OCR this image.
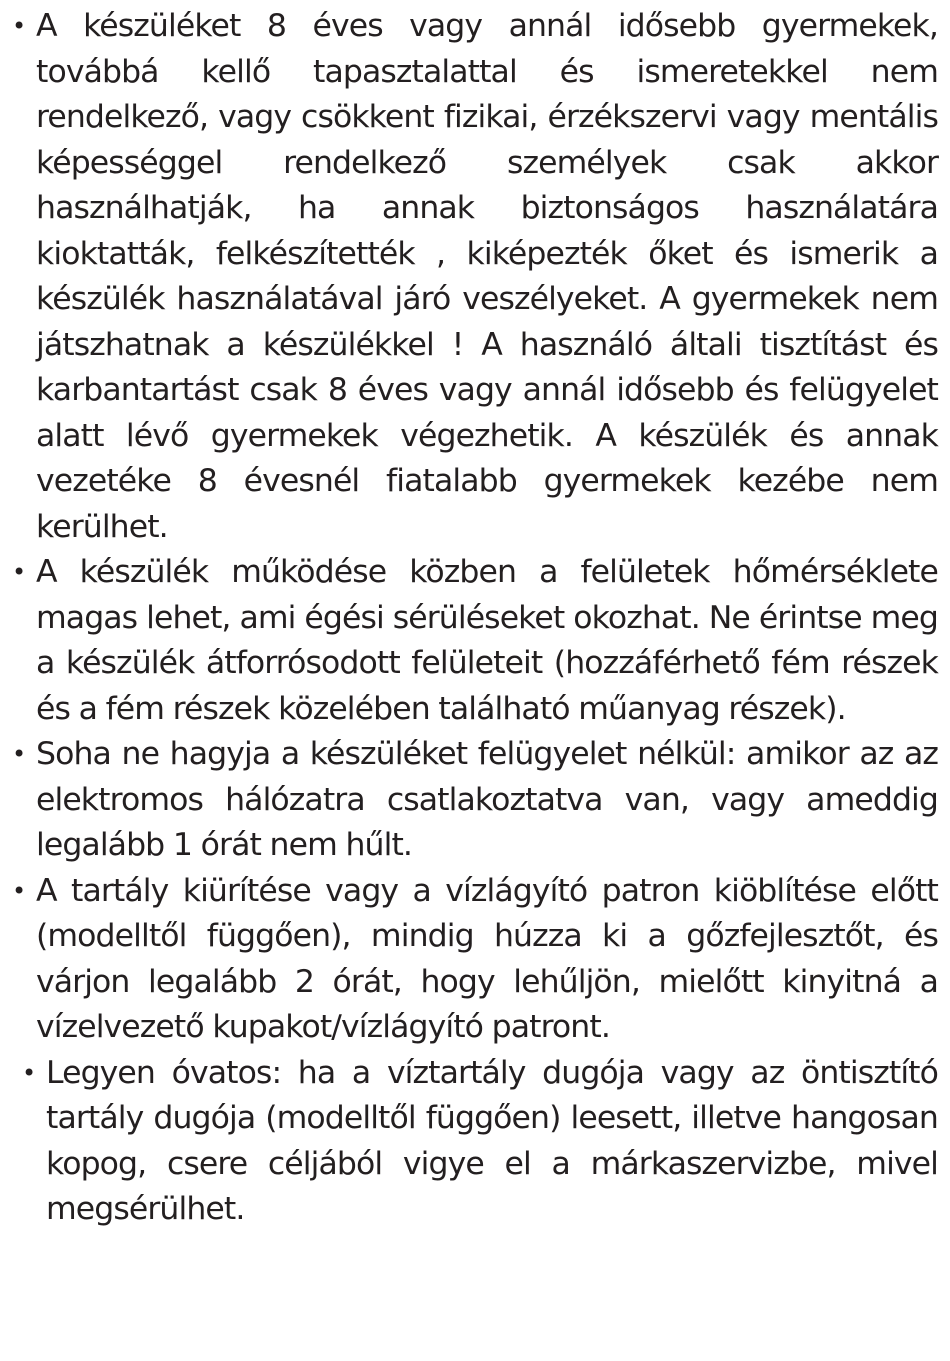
• A készüléket 8 éves vagy annál idősebb gyermekek, továbbá kellő tapasztalattal és ismeretekkel nem rendelkező, vagy csökkent fizikai, érzékszervi vagy mentális képességgel rendelkező személyek csak akkor használhatják, ha annak biztonságos használatára kioktatták, felkészítették , kiképezték őket és ismerik a készülék használatával járó veszélyeket. A gyermekek nem játszhatnak a készülékkel ! A használó általi tisztítást és karbantartást csak 8 éves vagy annál idősebb és felügyelet alatt lévő gyermekek végezhetik. A készülék és annak vezetéke 8 évesnél fiatalabb gyermekek kezébe nem kerülhet.
• A készülék működése közben a felületek hőmérséklete magas lehet, ami égési sérüléseket okozhat. Ne érintse meg a készülék átforrósodott felületeit (hozzáférhető fém részek és a fém részek közelében található műanyag részek).
• Soha ne hagyja a készüléket felügyelet nélkül: amikor az az elektromos hálózatra csatlakoztatva van, vagy ameddig legalább 1 órát nem hűlt.
• A tartály kiürítése vagy a vízlágyító patron kiöblítése előtt (modelltől függően), mindig húzza ki a gőzfejlesztőt, és várjon legalább 2 órát, hogy lehűljön, mielőtt kinyitná a vízelvezető kupakot/vízlágyító patront.
• Legyen óvatos: ha a víztartály dugója vagy az öntisztító tartály dugója (modelltől függően) leesett, illetve hangosan kopog, csere céljából vigye el a márkaszervizbe, mivel megsérülhet.
